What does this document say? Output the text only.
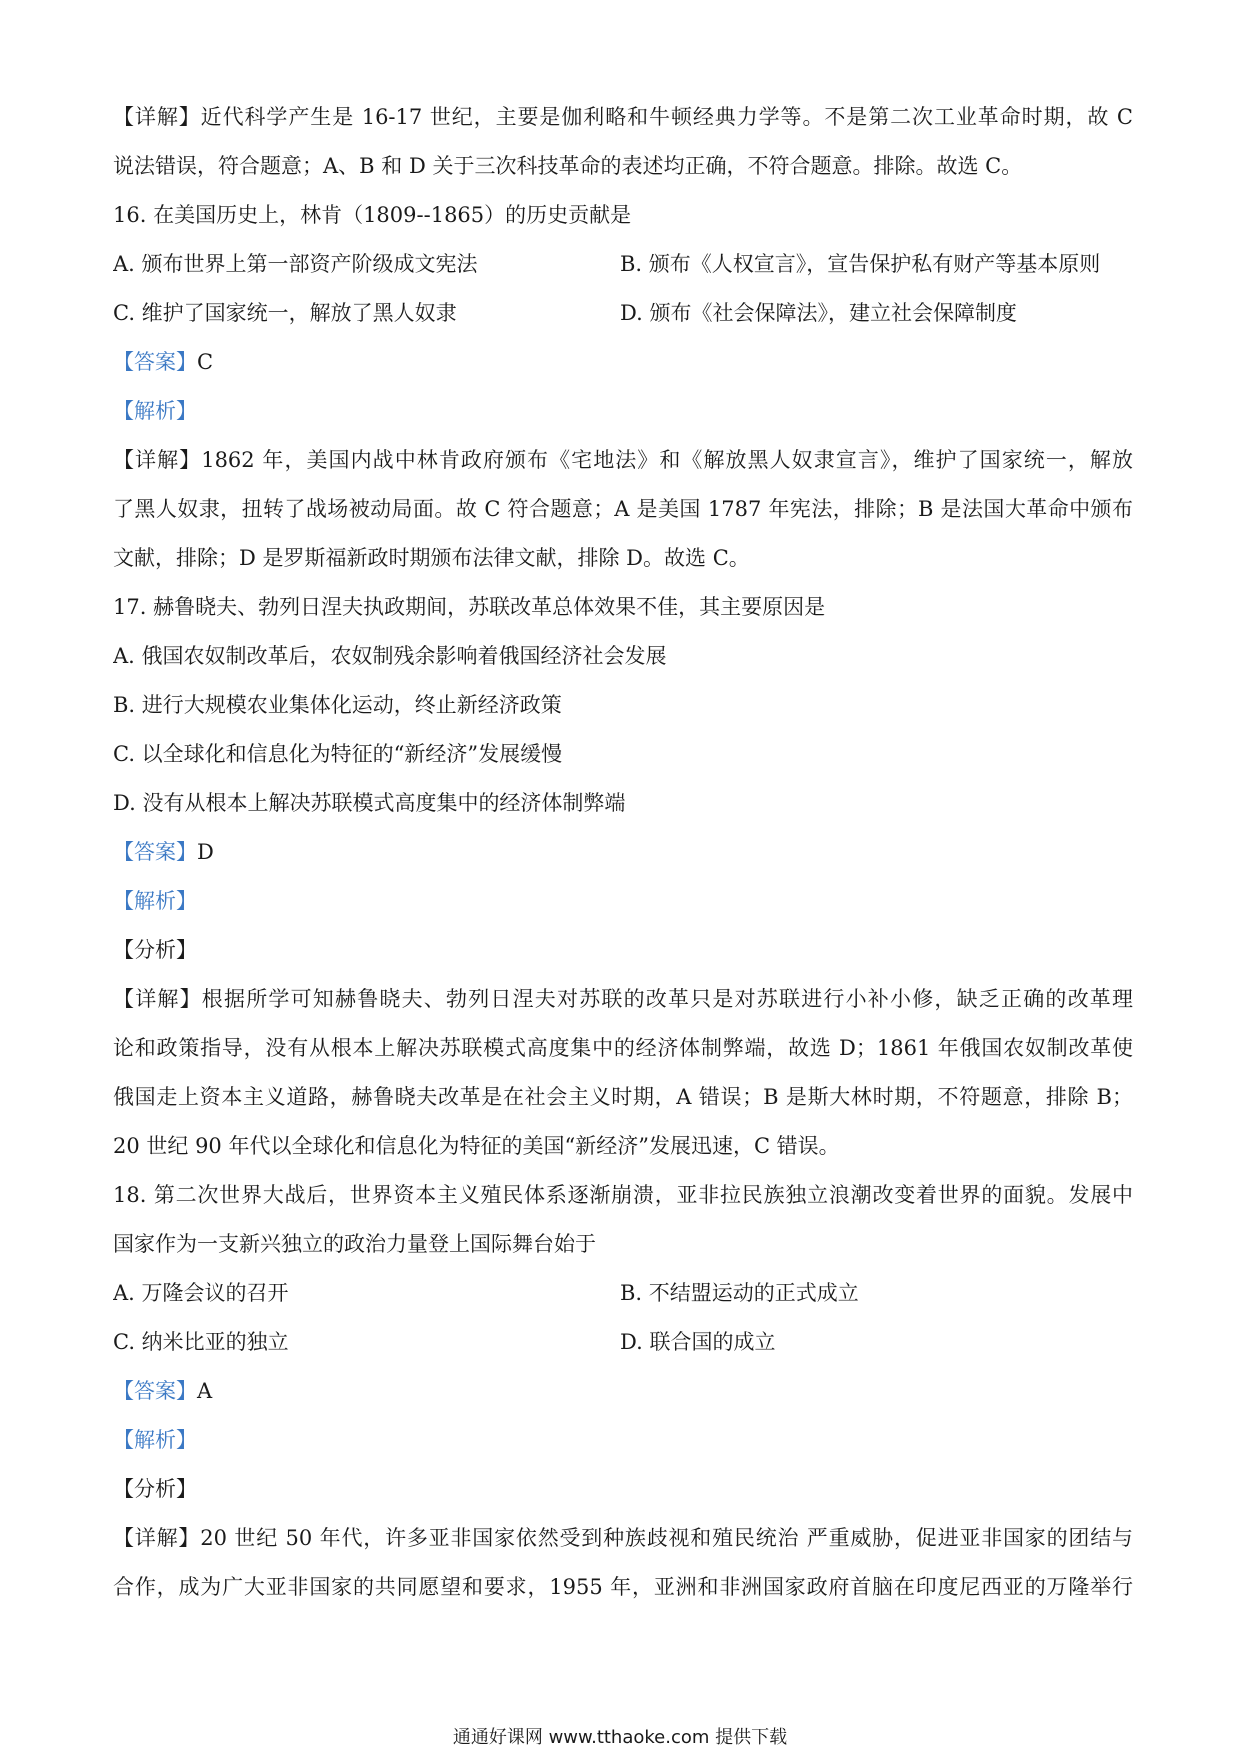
【详解】近代科学产生是 16-17 世纪，主要是伽利略和牛顿经典力学等。不是第二次工业革命时期，故 C
说法错误，符合题意；A、B 和 D 关于三次科技革命的表述均正确，不符合题意。排除。故选 C。
16. 在美国历史上，林肯（1809--1865）的历史贡献是
A. 颁布世界上第一部资产阶级成文宪法	B. 颁布《人权宣言》，宣告保护私有财产等基本原则
C. 维护了国家统一，解放了黑人奴隶	D. 颁布《社会保障法》，建立社会保障制度
【答案】C
【解析】
【详解】1862 年，美国内战中林肯政府颁布《宅地法》和《解放黑人奴隶宣言》，维护了国家统一，解放
了黑人奴隶，扭转了战场被动局面。故 C 符合题意；A 是美国 1787 年宪法，排除；B 是法国大革命中颁布
文献，排除；D 是罗斯福新政时期颁布法律文献，排除 D。故选 C。
17. 赫鲁晓夫、勃列日涅夫执政期间，苏联改革总体效果不佳，其主要原因是
A. 俄国农奴制改革后，农奴制残余影响着俄国经济社会发展
B. 进行大规模农业集体化运动，终止新经济政策
C. 以全球化和信息化为特征的“新经济”发展缓慢
D. 没有从根本上解决苏联模式高度集中的经济体制弊端
【答案】D
【解析】
【分析】
【详解】根据所学可知赫鲁晓夫、勃列日涅夫对苏联的改革只是对苏联进行小补小修，缺乏正确的改革理
论和政策指导，没有从根本上解决苏联模式高度集中的经济体制弊端，故选 D；1861 年俄国农奴制改革使
俄国走上资本主义道路，赫鲁晓夫改革是在社会主义时期，A 错误；B 是斯大林时期，不符题意，排除 B；
20 世纪 90 年代以全球化和信息化为特征的美国“新经济”发展迅速，C 错误。
18. 第二次世界大战后，世界资本主义殖民体系逐渐崩溃，亚非拉民族独立浪潮改变着世界的面貌。发展中
国家作为一支新兴独立的政治力量登上国际舞台始于
A. 万隆会议的召开	B. 不结盟运动的正式成立
C. 纳米比亚的独立	D. 联合国的成立
【答案】A
【解析】
【分析】
【详解】20 世纪 50 年代，许多亚非国家依然受到种族歧视和殖民统治 严重威胁，促进亚非国家的团结与
合作，成为广大亚非国家的共同愿望和要求，1955 年，亚洲和非洲国家政府首脑在印度尼西亚的万隆举行
通通好课网 www.tthaoke.com 提供下载
